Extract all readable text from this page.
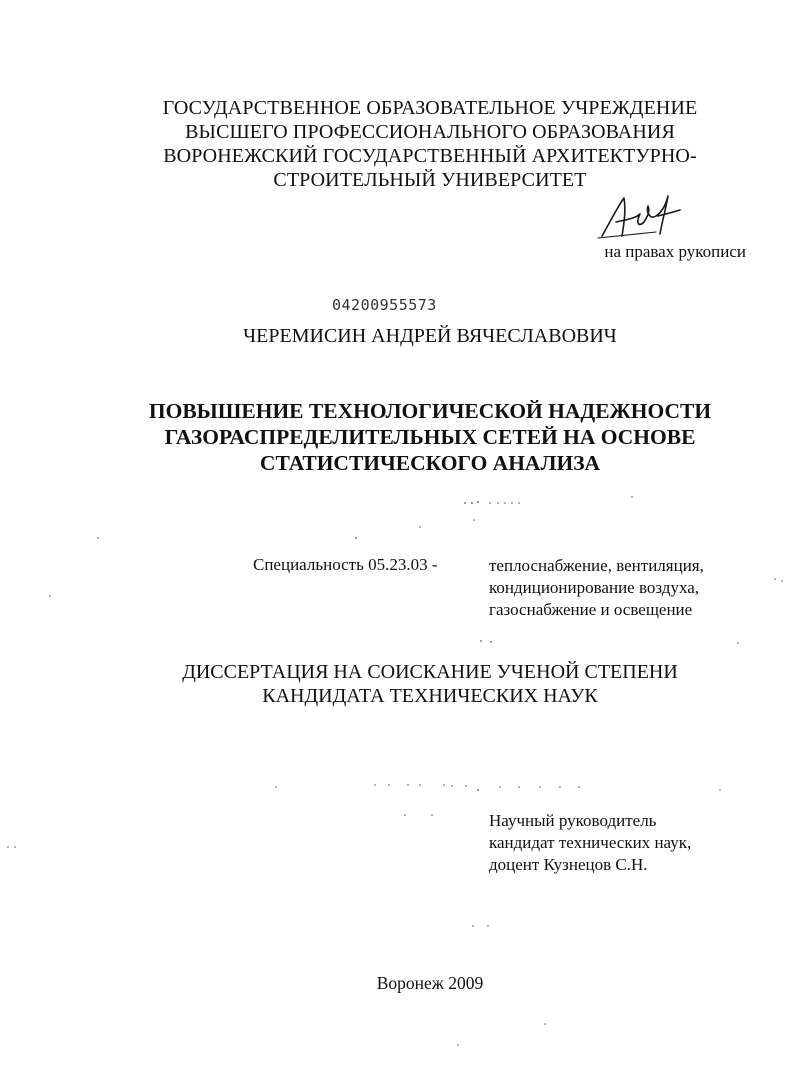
ГОСУДАРСТВЕННОЕ ОБРАЗОВАТЕЛЬНОЕ УЧРЕЖДЕНИЕ
ВЫСШЕГО ПРОФЕССИОНАЛЬНОГО ОБРАЗОВАНИЯ
ВОРОНЕЖСКИЙ ГОСУДАРСТВЕННЫЙ АРХИТЕКТУРНО-
СТРОИТЕЛЬНЫЙ УНИВЕРСИТЕТ
на правах рукописи
04200955573
ЧЕРЕМИСИН АНДРЕЙ ВЯЧЕСЛАВОВИЧ
ПОВЫШЕНИЕ ТЕХНОЛОГИЧЕСКОЙ НАДЕЖНОСТИ
ГАЗОРАСПРЕДЕЛИТЕЛЬНЫХ СЕТЕЙ НА ОСНОВЕ
СТАТИСТИЧЕСКОГО АНАЛИЗА
Специальность 05.23.03 -	теплоснабжение, вентиляция,
кондиционирование воздуха,
газоснабжение и освещение
ДИССЕРТАЦИЯ НА СОИСКАНИЕ УЧЕНОЙ СТЕПЕНИ
КАНДИДАТА ТЕХНИЧЕСКИХ НАУК
Научный руководитель
кандидат технических наук,
доцент Кузнецов С.Н.
Воронеж 2009
